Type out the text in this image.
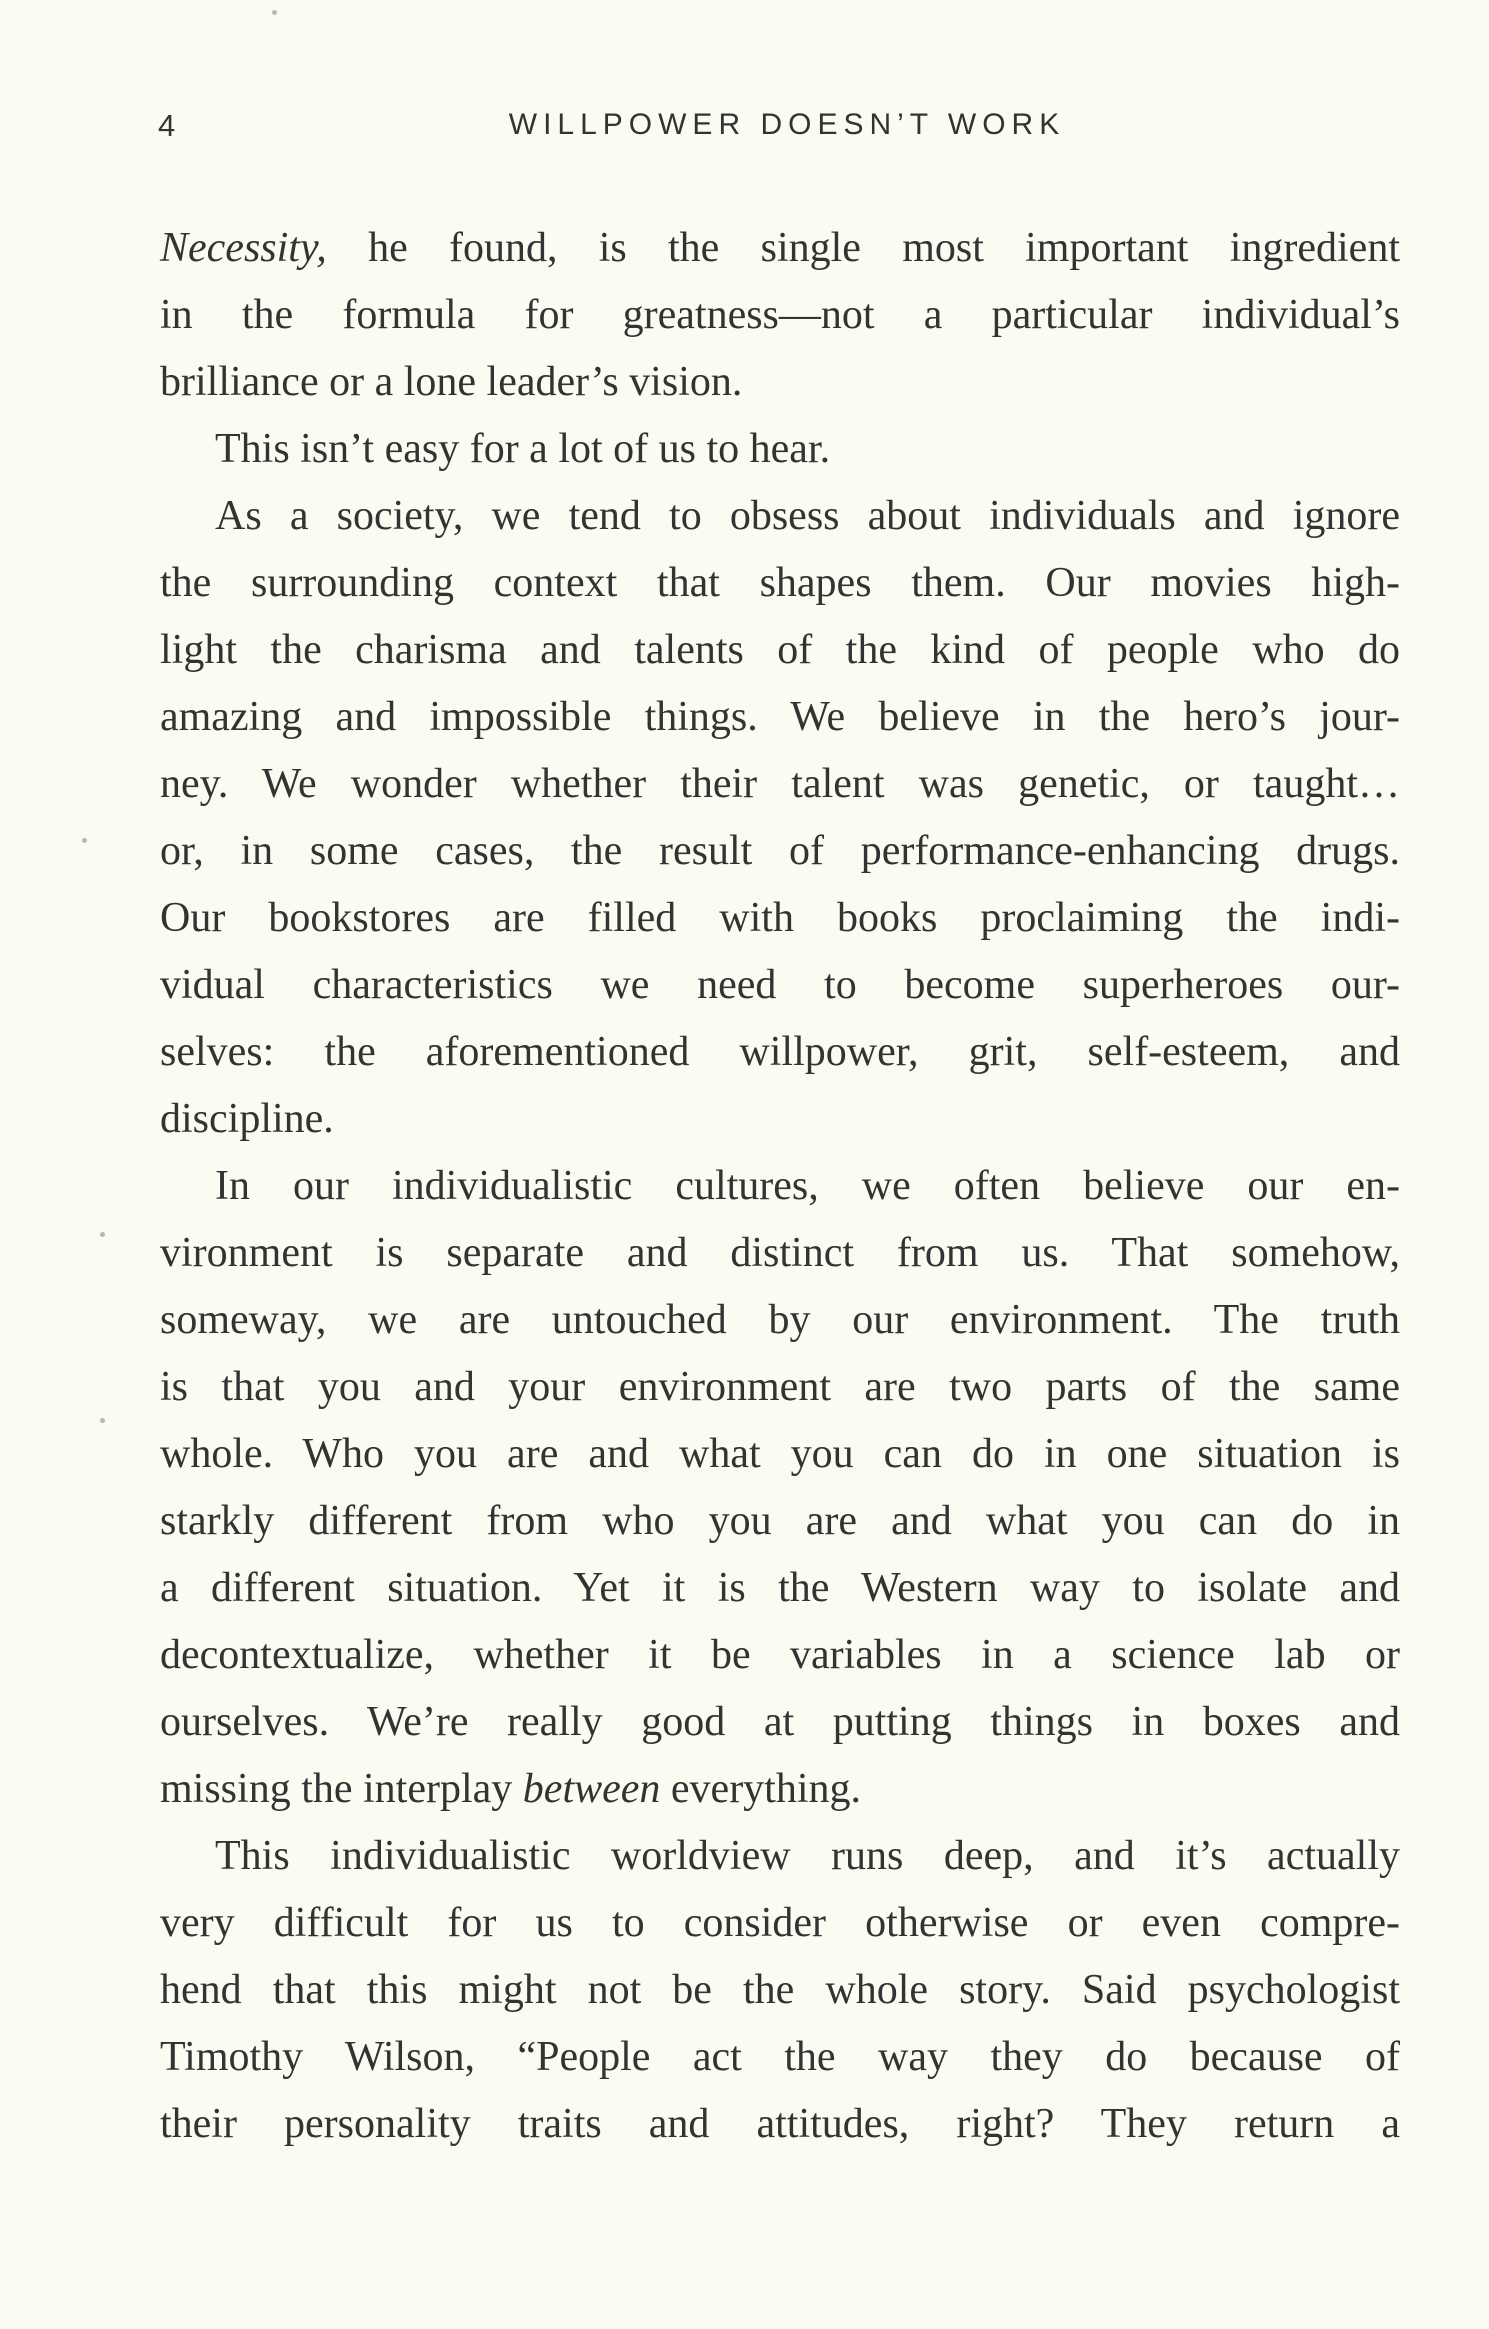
4	WILLPOWER DOESN’T WORK
Necessity, he found, is the single most important ingredient
in the formula for greatness—not a particular individual’s
brilliance or a lone leader’s vision.
This isn’t easy for a lot of us to hear.
As a society, we tend to obsess about individuals and ignore
the surrounding context that shapes them. Our movies high-
light the charisma and talents of the kind of people who do
amazing and impossible things. We believe in the hero’s jour-
ney. We wonder whether their talent was genetic, or taught…
or, in some cases, the result of performance-enhancing drugs.
Our bookstores are filled with books proclaiming the indi-
vidual characteristics we need to become superheroes our-
selves: the aforementioned willpower, grit, self-esteem, and
discipline.
In our individualistic cultures, we often believe our en-
vironment is separate and distinct from us. That somehow,
someway, we are untouched by our environment. The truth
is that you and your environment are two parts of the same
whole. Who you are and what you can do in one situation is
starkly different from who you are and what you can do in
a different situation. Yet it is the Western way to isolate and
decontextualize, whether it be variables in a science lab or
ourselves. We’re really good at putting things in boxes and
missing the interplay between everything.
This individualistic worldview runs deep, and it’s actually
very difficult for us to consider otherwise or even compre-
hend that this might not be the whole story. Said psychologist
Timothy Wilson, “People act the way they do because of
their personality traits and attitudes, right? They return a
